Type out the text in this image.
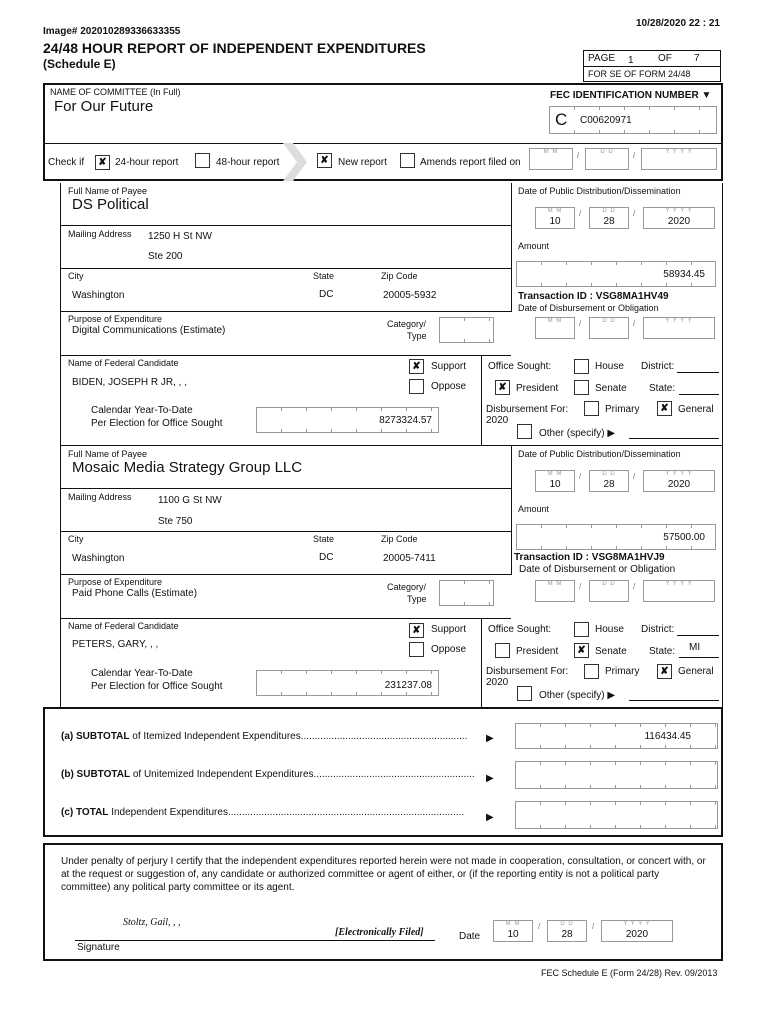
Image# 202010289336633355
10/28/2020 22 : 21
24/48 HOUR REPORT OF INDEPENDENT EXPENDITURES
(Schedule E)	PAGE 1 OF 7
FOR SE OF FORM 24/48
NAME OF COMMITTEE (In Full)
For Our Future
FEC IDENTIFICATION NUMBER ▼
C C00620971
Check if	✘ 24-hour report	48-hour report	✘ New report	Amends report filed on
M M	/	D D	/	Y Y Y Y
Full Name of Payee
DS Political
Date of Public Distribution/Dissemination
M M
10
/	D D
28
/	Y Y Y Y
2020
Mailing Address 1250 H St NW
Ste 200
Amount
58934.45
City	State	Zip Code
Washington	DC	20005-5932	Transaction ID : VSG8MA1HV49
Date of Disbursement or Obligation
M M	/	D D	/	Y Y Y Y
Purpose of Expenditure
Digital Communications (Estimate)
Category/
Type
Name of Federal Candidate
BIDEN, JOSEPH R JR, , ,
✘	Support
Oppose
Office Sought:	House District:
✘ President	Senate State:
Calendar Year-To-Date
Per Election for Office Sought	8273324.57
Disbursement For:
2020
Primary	✘ General
Other (specify) ▶
Full Name of Payee
Mosaic Media Strategy Group LLC
Date of Public Distribution/Dissemination
M M
10
/	D D
28
/	Y Y Y Y
2020
Mailing Address	1100 G St NW
Ste 750
Amount
57500.00
City	State	Zip Code
Washington	DC	20005-7411	Transaction ID : VSG8MA1HVJ9
Date of Disbursement or Obligation
M M	/	D D	/	Y Y Y Y
Purpose of Expenditure
Paid Phone Calls (Estimate)
Category/
Type
Name of Federal Candidate
PETERS, GARY, , ,
✘	Support
Oppose
Office Sought:	House District:
President	✘ Senate State: MI
Calendar Year-To-Date
Per Election for Office Sought	231237.08
Disbursement For:
2020
Primary	✘ General
Other (specify) ▶
(a) SUBTOTAL of Itemized Independent Expenditures............................................................ ▶	116434.45
(b) SUBTOTAL of Unitemized Independent Expenditures.......................................................... ▶
(c) TOTAL Independent Expenditures..................................................................................... ▶
Under penalty of perjury I certify that the independent expenditures reported herein were not made in cooperation, consultation, or concert with, or at the request or suggestion of, any candidate or authorized committee or agent of either, or (if the reporting entity is not a political party committee) any political party committee or its agent.
Stoltz, Gail, , ,
[Electronically Filed]
Signature
Date
M M
10
/	D D
28
/	Y Y Y Y
2020
FEC Schedule E (Form 24/28) Rev. 09/2013
